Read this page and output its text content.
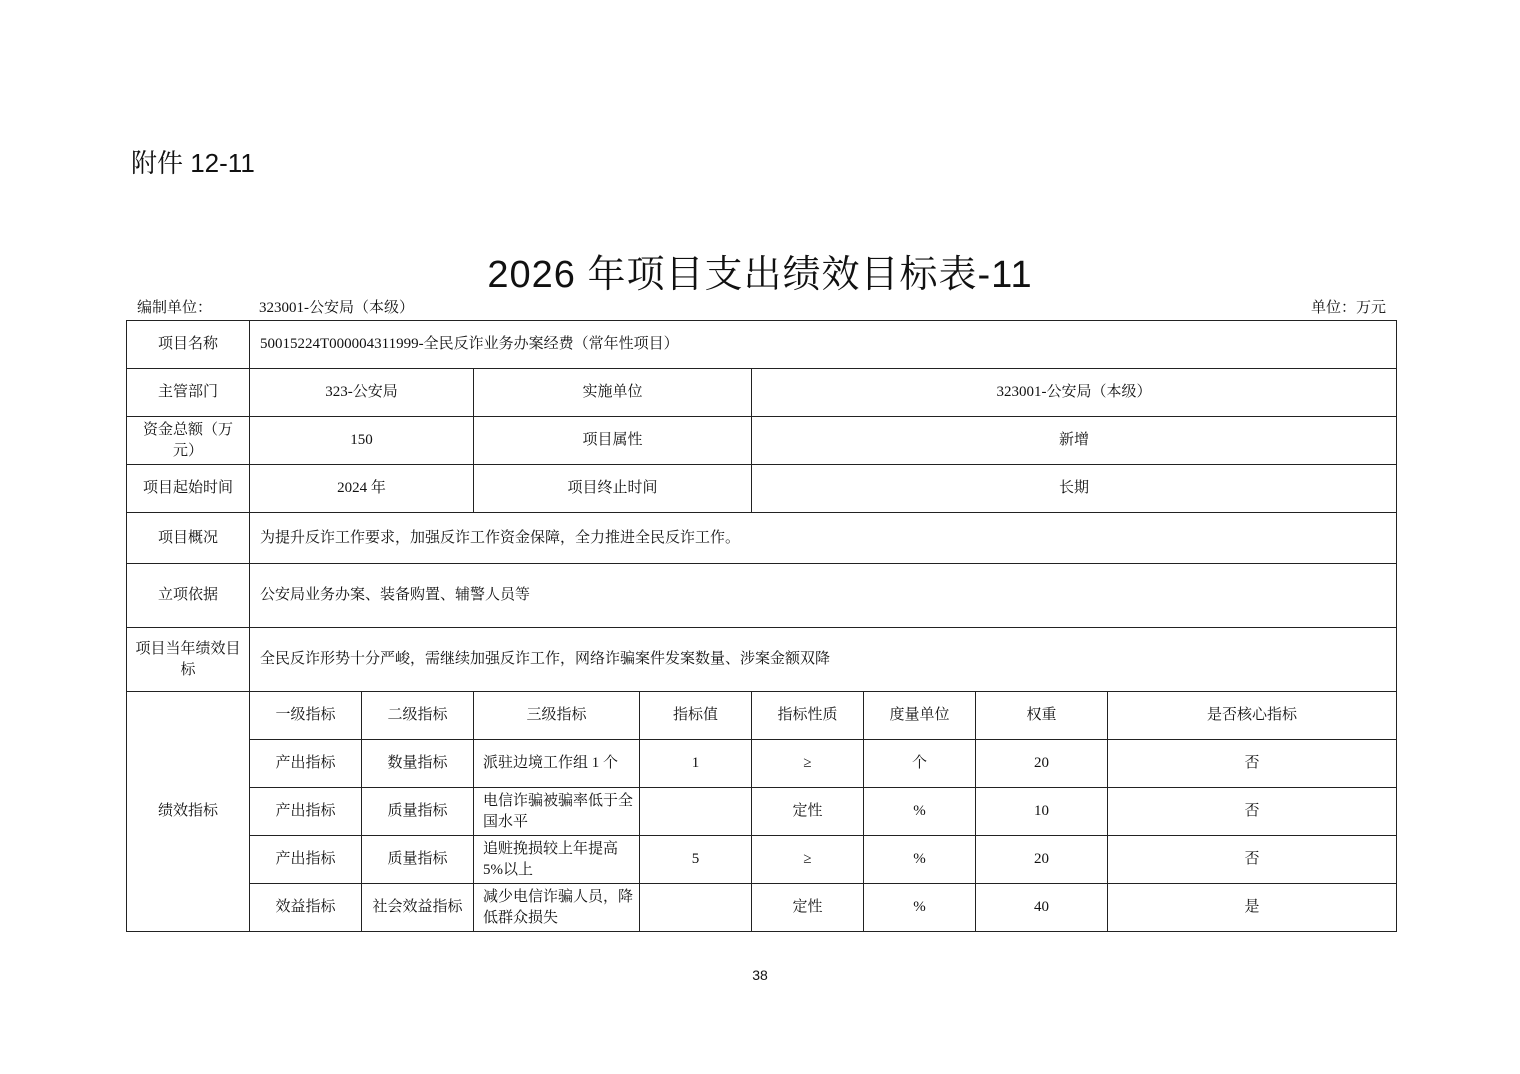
附件 12-11
2026 年项目支出绩效目标表-11
编制单位：	323001-公安局（本级）	单位：万元
项目名称	50015224T000004311999-全民反诈业务办案经费（常年性项目）							
主管部门	323-公安局		实施单位		323001-公安局（本级）			
资金总额（万元）	150		项目属性		新增			
项目起始时间	2024 年		项目终止时间		长期			
项目概况	为提升反诈工作要求，加强反诈工作资金保障，全力推进全民反诈工作。							
立项依据	公安局业务办案、装备购置、辅警人员等							
项目当年绩效目标	全民反诈形势十分严峻，需继续加强反诈工作，网络诈骗案件发案数量、涉案金额双降							
绩效指标	一级指标	二级指标	三级指标	指标值	指标性质	度量单位	权重	是否核心指标
	产出指标	数量指标	派驻边境工作组 1 个	1	≥	个	20	否
	产出指标	质量指标	电信诈骗被骗率低于全国水平		定性	%	10	否
	产出指标	质量指标	追赃挽损较上年提高5%以上	5	≥	%	20	否
	效益指标	社会效益指标	减少电信诈骗人员，降低群众损失		定性	%	40	是
38
